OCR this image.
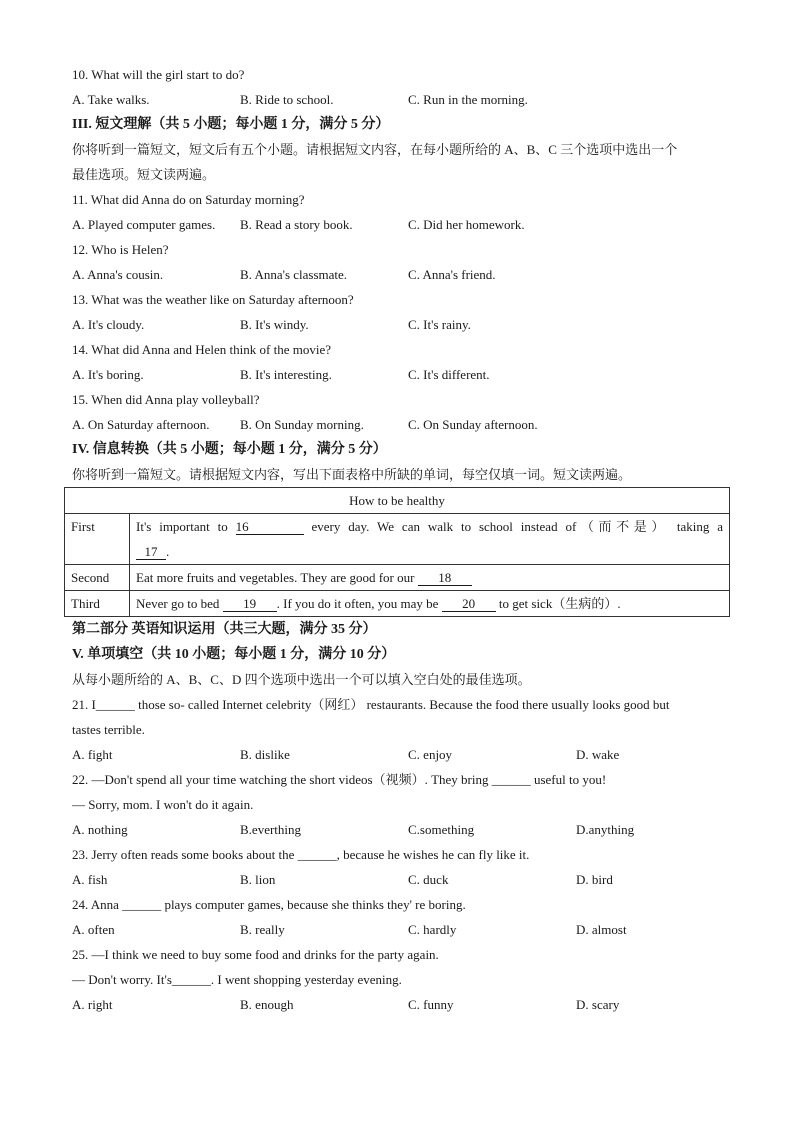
10. What will the girl start to do?
A. Take walks.	B. Ride to school.	C. Run in the morning.
III. 短文理解（共 5 小题；每小题 1 分，满分 5 分）
你将听到一篇短文，短文后有五个小题。请根据短文内容，在每小题所给的 A、B、C 三个选项中选出一个
最佳选项。短文读两遍。
11. What did Anna do on Saturday morning?
A. Played computer games. B. Read a story book.	C. Did her homework.
12. Who is Helen?
A. Anna's cousin.	B. Anna's classmate.	C. Anna's friend.
13. What was the weather like on Saturday afternoon?
A. It's cloudy.	B. It's windy.	C. It's rainy.
14. What did Anna and Helen think of the movie?
A. It's boring.	B. It's interesting.	C. It's different.
15. When did Anna play volleyball?
A. On Saturday afternoon. B. On Sunday morning.	C. On Sunday afternoon.
IV. 信息转换（共 5 小题；每小题 1 分，满分 5 分）
你将听到一篇短文。请根据短文内容，写出下面表格中所缺的单词，每空仅填一词。短文读两遍。
How to be healthy	
First	It's important to 16 every day. We can walk to school instead of（而不是） taking a
17 .

Second	Eat more fruits and vegetables. They are good for our 18
Third	Never go to bed 19 . If you do it often, you may be 20 to get sick（生病的）.
第二部分 英语知识运用（共三大题，满分 35 分）
V. 单项填空（共 10 小题；每小题 1 分，满分 10 分）
从每小题所给的 A、B、C、D 四个选项中选出一个可以填入空白处的最佳选项。
21. I______ those so- called Internet celebrity（网红） restaurants. Because the food there usually looks good but
tastes terrible.
A. fight	B. dislike	C. enjoy	D. wake
22. —Don't spend all your time watching the short videos（视频）. They bring ______ useful to you!
— Sorry, mom. I won't do it again.
A. nothing	B.everthing	C.something	D.anything
23. Jerry often reads some books about the ______, because he wishes he can fly like it.
A. fish	B. lion	C. duck	D. bird
24. Anna ______ plays computer games, because she thinks they' re boring.
A. often	B. really	C. hardly	D. almost
25. —I think we need to buy some food and drinks for the party again.
— Don't worry. It's______. I went shopping yesterday evening.
A. right	B. enough	C. funny	D. scary
